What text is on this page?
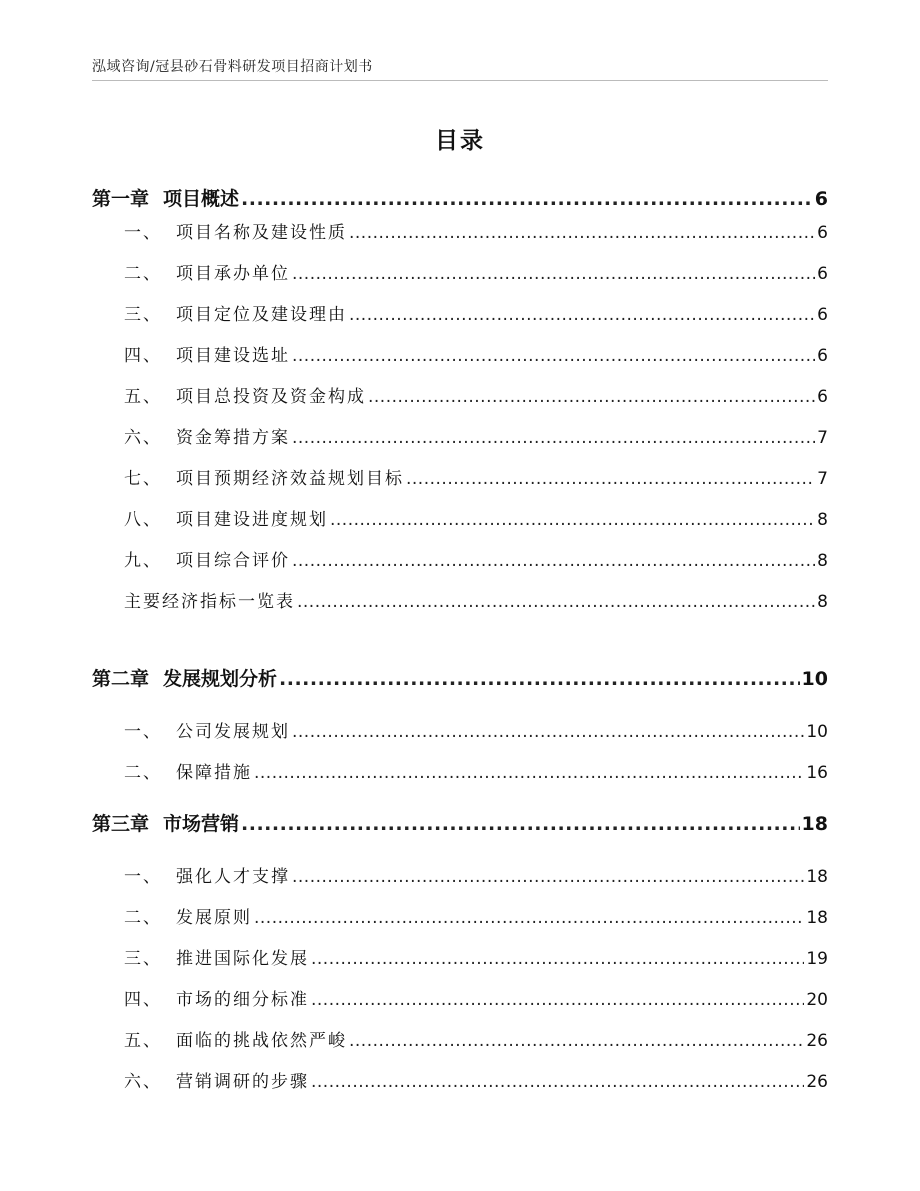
泓域咨询/冠县砂石骨料研发项目招商计划书
目录
第一章 项目概述 .....	6
一、 项目名称及建设性质 .....	6
二、 项目承办单位 .....	6
三、 项目定位及建设理由 .....	6
四、 项目建设选址 .....	6
五、 项目总投资及资金构成 .....	6
六、 资金筹措方案 .....	7
七、 项目预期经济效益规划目标 .....	7
八、 项目建设进度规划 .....	8
九、 项目综合评价 .....	8
主要经济指标一览表 .....	8
第二章 发展规划分析 .....	10
一、 公司发展规划 .....	10
二、 保障措施 .....	16
第三章 市场营销 .....	18
一、 强化人才支撑 .....	18
二、 发展原则 .....	18
三、 推进国际化发展 .....	19
四、 市场的细分标准 .....	20
五、 面临的挑战依然严峻 .....	26
六、 营销调研的步骤 .....	26
